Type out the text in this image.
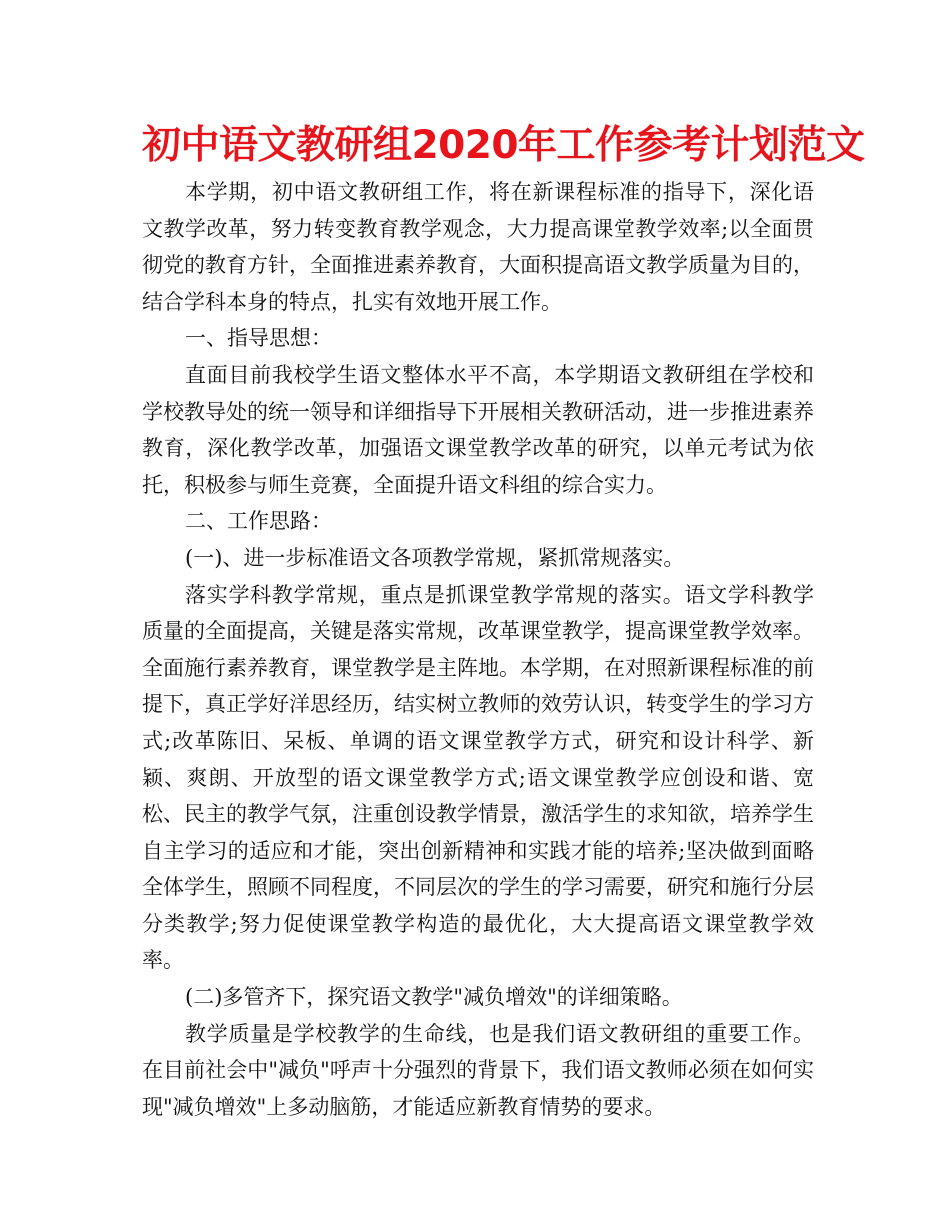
初中语文教研组2020年工作参考计划范文

本学期，初中语文教研组工作，将在新课程标准的指导下，深化语文教学改革，努力转变教育教学观念，大力提高课堂教学效率;以全面贯彻党的教育方针，全面推进素养教育，大面积提高语文教学质量为目的，结合学科本身的特点，扎实有效地开展工作。

一、指导思想：

直面目前我校学生语文整体水平不高，本学期语文教研组在学校和学校教导处的统一领导和详细指导下开展相关教研活动，进一步推进素养教育，深化教学改革，加强语文课堂教学改革的研究，以单元考试为依托，积极参与师生竞赛，全面提升语文科组的综合实力。

二、工作思路：

(一)、进一步标准语文各项教学常规，紧抓常规落实。

落实学科教学常规，重点是抓课堂教学常规的落实。语文学科教学质量的全面提高，关键是落实常规，改革课堂教学，提高课堂教学效率。全面施行素养教育，课堂教学是主阵地。本学期，在对照新课程标准的前提下，真正学好洋思经历，结实树立教师的效劳认识，转变学生的学习方式;改革陈旧、呆板、单调的语文课堂教学方式，研究和设计科学、新颖、爽朗、开放型的语文课堂教学方式;语文课堂教学应创设和谐、宽松、民主的教学气氛，注重创设教学情景，激活学生的求知欲，培养学生自主学习的适应和才能，突出创新精神和实践才能的培养;坚决做到面略全体学生，照顾不同程度，不同层次的学生的学习需要，研究和施行分层分类教学;努力促使课堂教学构造的最优化，大大提高语文课堂教学效率。

(二)多管齐下，探究语文教学"减负增效"的详细策略。

教学质量是学校教学的生命线，也是我们语文教研组的重要工作。在目前社会中"减负"呼声十分强烈的背景下，我们语文教师必须在如何实现"减负增效"上多动脑筋，才能适应新教育情势的要求。
